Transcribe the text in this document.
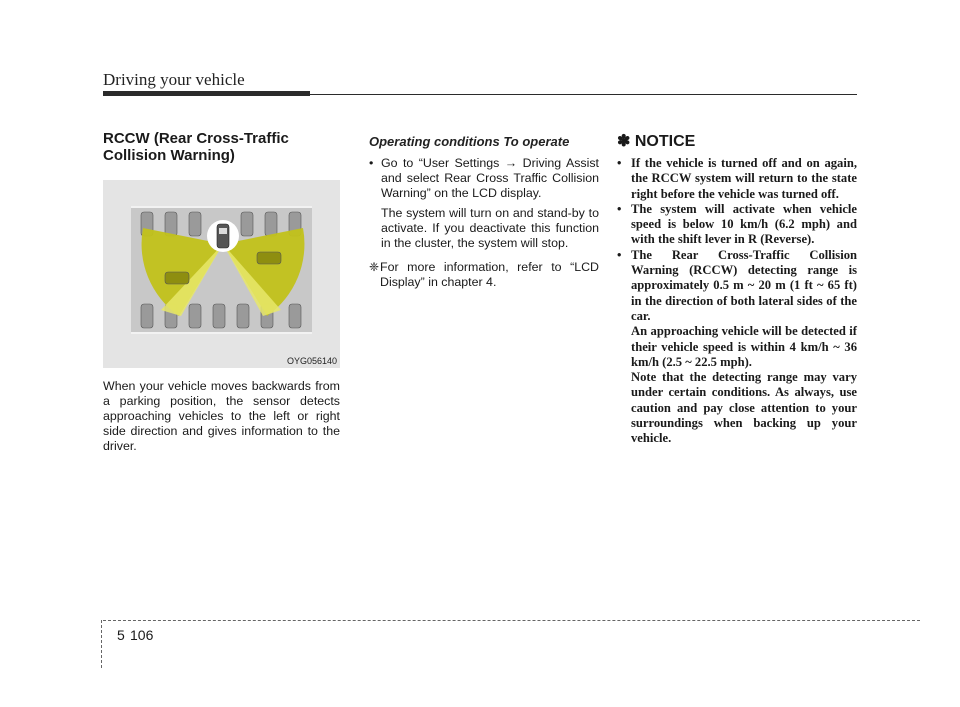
Driving your vehicle
RCCW (Rear Cross-Traffic Collision Warning)
OYG056140

When your vehicle moves backwards from a parking position, the sensor detects approaching vehicles to the left or right side direction and gives information to the driver.

Operating conditions To operate
• Go to “User Settings → Driving Assist and select Rear Cross Traffic Collision Warning” on the LCD display.

The system will turn on and stand-by to activate. If you deactivate this function in the cluster, the system will stop.

❈ For more information, refer to “LCD Display” in chapter 4.

✽ NOTICE
• If the vehicle is turned off and on again, the RCCW system will return to the state right before the vehicle was turned off.
• The system will activate when vehicle speed is below 10 km/h (6.2 mph) and with the shift lever in R (Reverse).
• The Rear Cross-Traffic Collision Warning (RCCW) detecting range is approximately 0.5 m ~ 20 m (1 ft ~ 65 ft) in the direction of both lateral sides of the car.
An approaching vehicle will be detected if their vehicle speed is within 4 km/h ~ 36 km/h (2.5 ~ 22.5 mph).
Note that the detecting range may vary under certain conditions. As always, use caution and pay close attention to your surroundings when backing up your vehicle.
5 106
